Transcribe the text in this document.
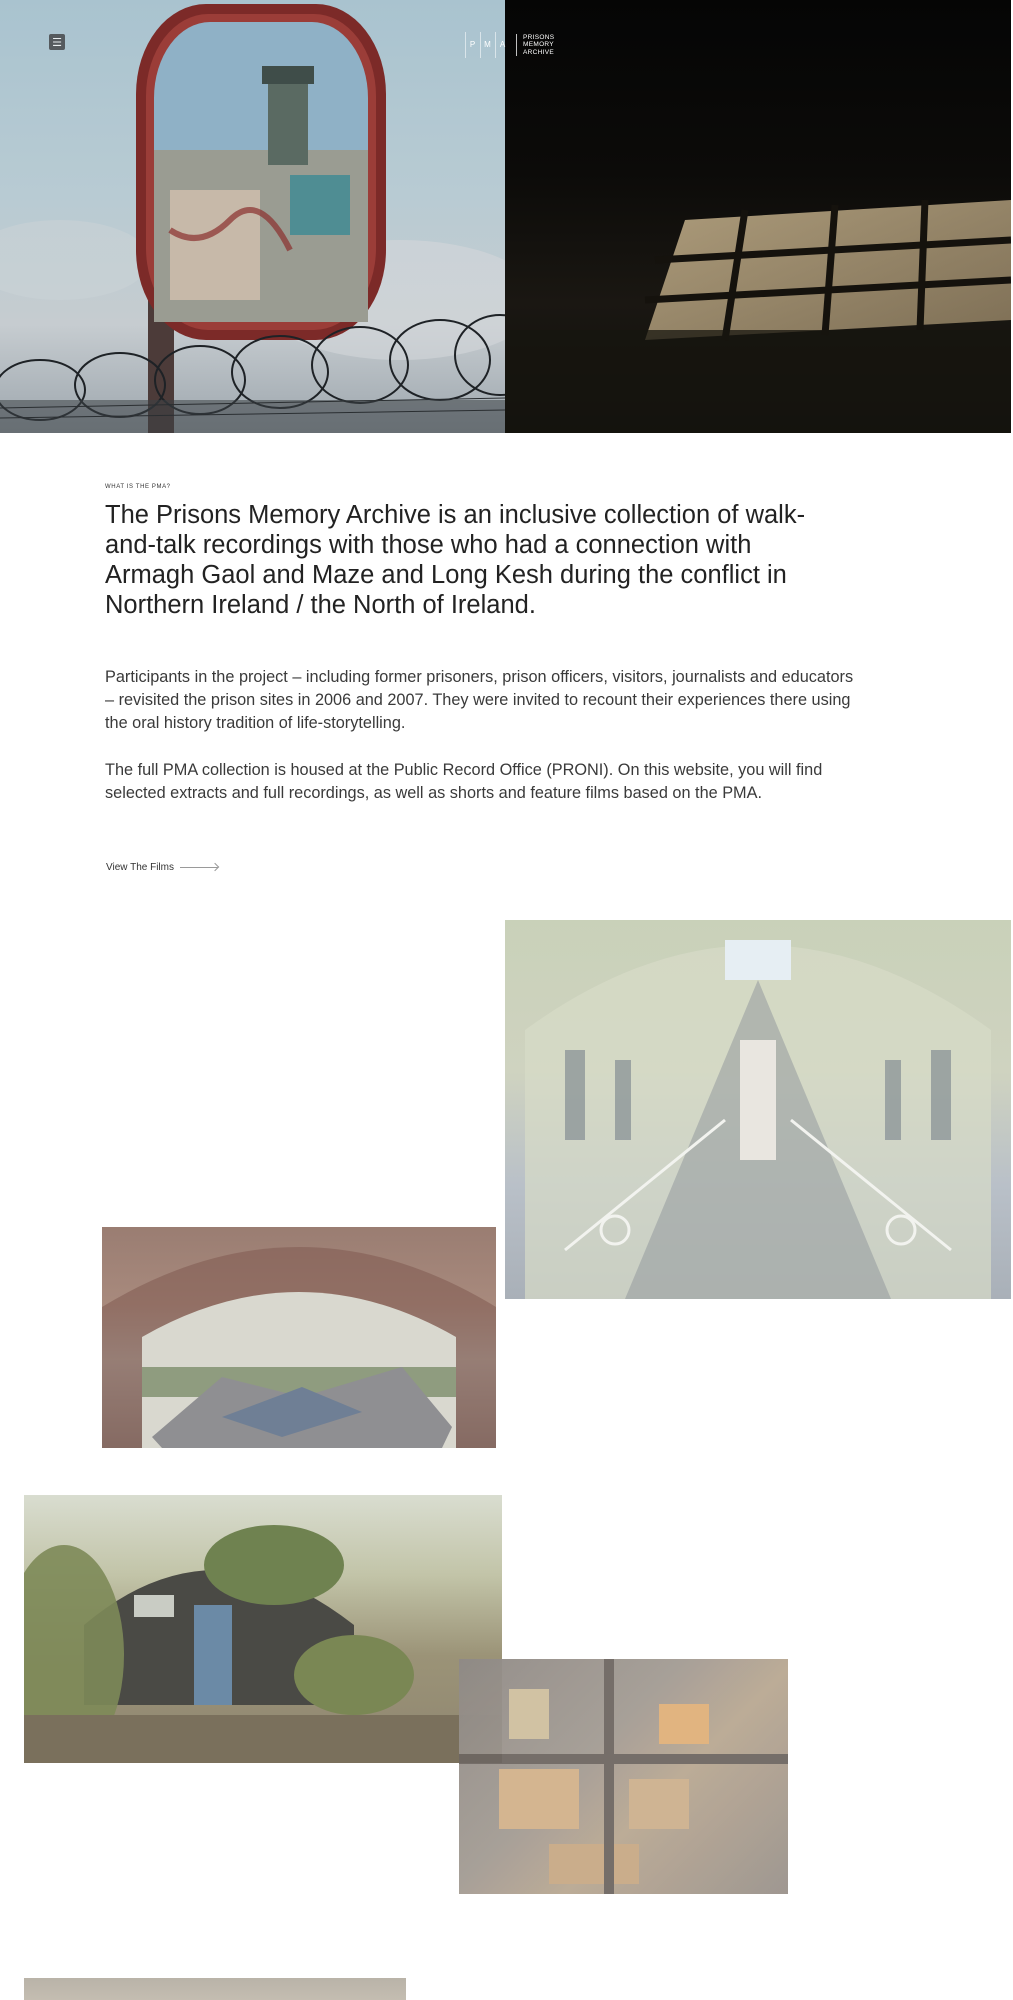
☰	P M	A
PRISONS
MEMORY
ARCHIVE
WHAT IS THE PMA?
The Prisons Memory Archive is an inclusive collection of walk-and-talk recordings with those who had a connection with Armagh Gaol and Maze and Long Kesh during the conflict in Northern Ireland / the North of Ireland.

Participants in the project – including former prisoners, prison officers, visitors, journalists and educators – revisited the prison sites in 2006 and 2007. They were invited to recount their experiences there using the oral history tradition of life-storytelling.

The full PMA collection is housed at the Public Record Office (PRONI). On this website, you will find selected extracts and full recordings, as well as shorts and feature films based on the PMA.

View The Films
